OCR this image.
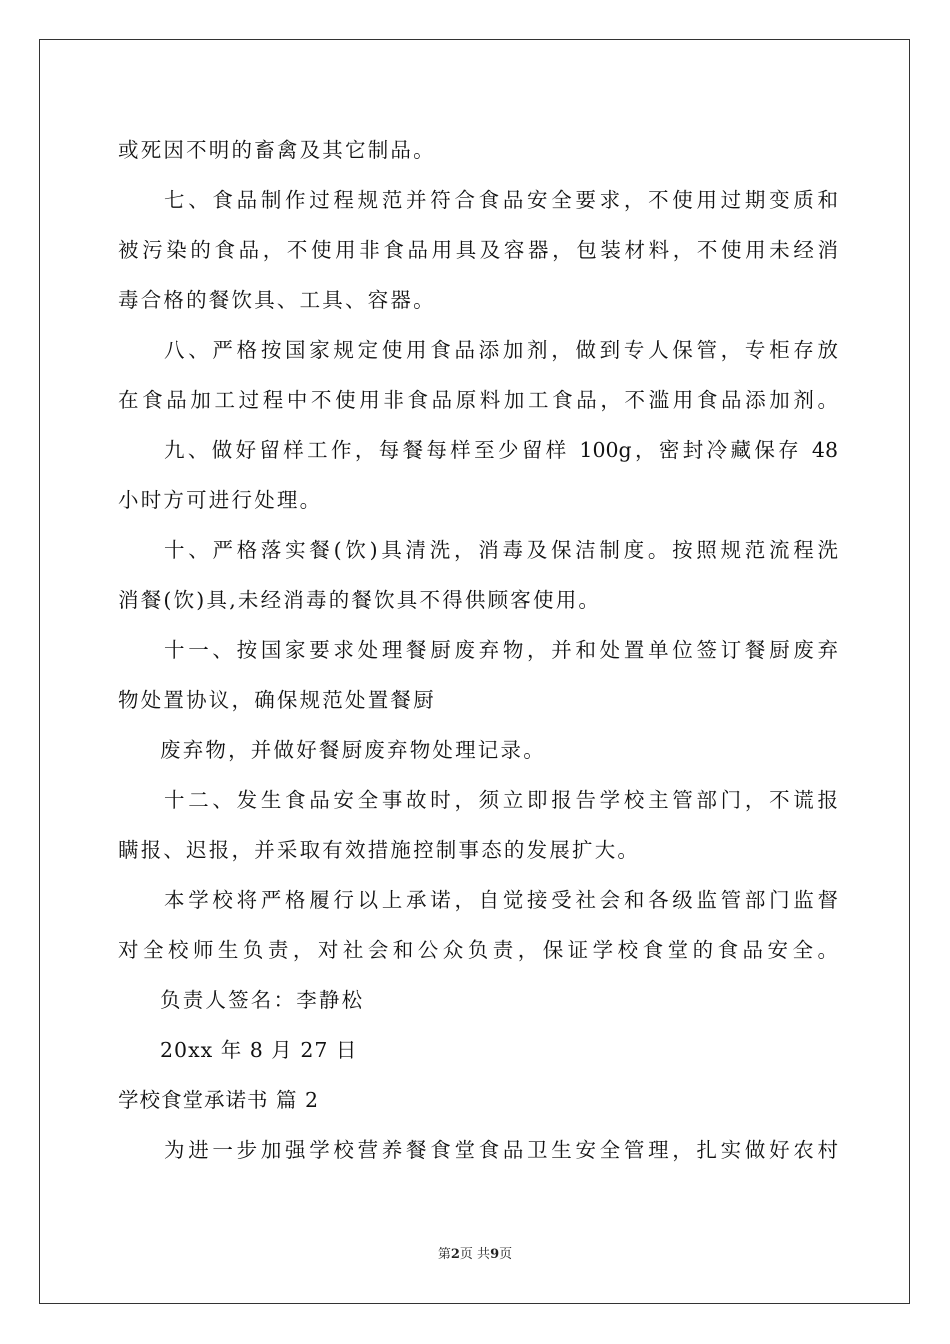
或死因不明的畜禽及其它制品。
七、食品制作过程规范并符合食品安全要求，不使用过期变质和
被污染的食品，不使用非食品用具及容器，包装材料，不使用未经消
毒合格的餐饮具、工具、容器。
八、严格按国家规定使用食品添加剂，做到专人保管，专柜存放
在食品加工过程中不使用非食品原料加工食品，不滥用食品添加剂。
九、做好留样工作，每餐每样至少留样 100g，密封冷藏保存 48
小时方可进行处理。
十、严格落实餐(饮)具清洗，消毒及保洁制度。按照规范流程洗
消餐(饮)具,未经消毒的餐饮具不得供顾客使用。
十一、按国家要求处理餐厨废弃物，并和处置单位签订餐厨废弃
物处置协议，确保规范处置餐厨
废弃物，并做好餐厨废弃物处理记录。
十二、发生食品安全事故时，须立即报告学校主管部门，不谎报
瞒报、迟报，并采取有效措施控制事态的发展扩大。
本学校将严格履行以上承诺，自觉接受社会和各级监管部门监督
对全校师生负责，对社会和公众负责，保证学校食堂的食品安全。
负责人签名：李静松
20xx 年 8 月 27 日
学校食堂承诺书 篇 2
为进一步加强学校营养餐食堂食品卫生安全管理，扎实做好农村
第2页 共9页
